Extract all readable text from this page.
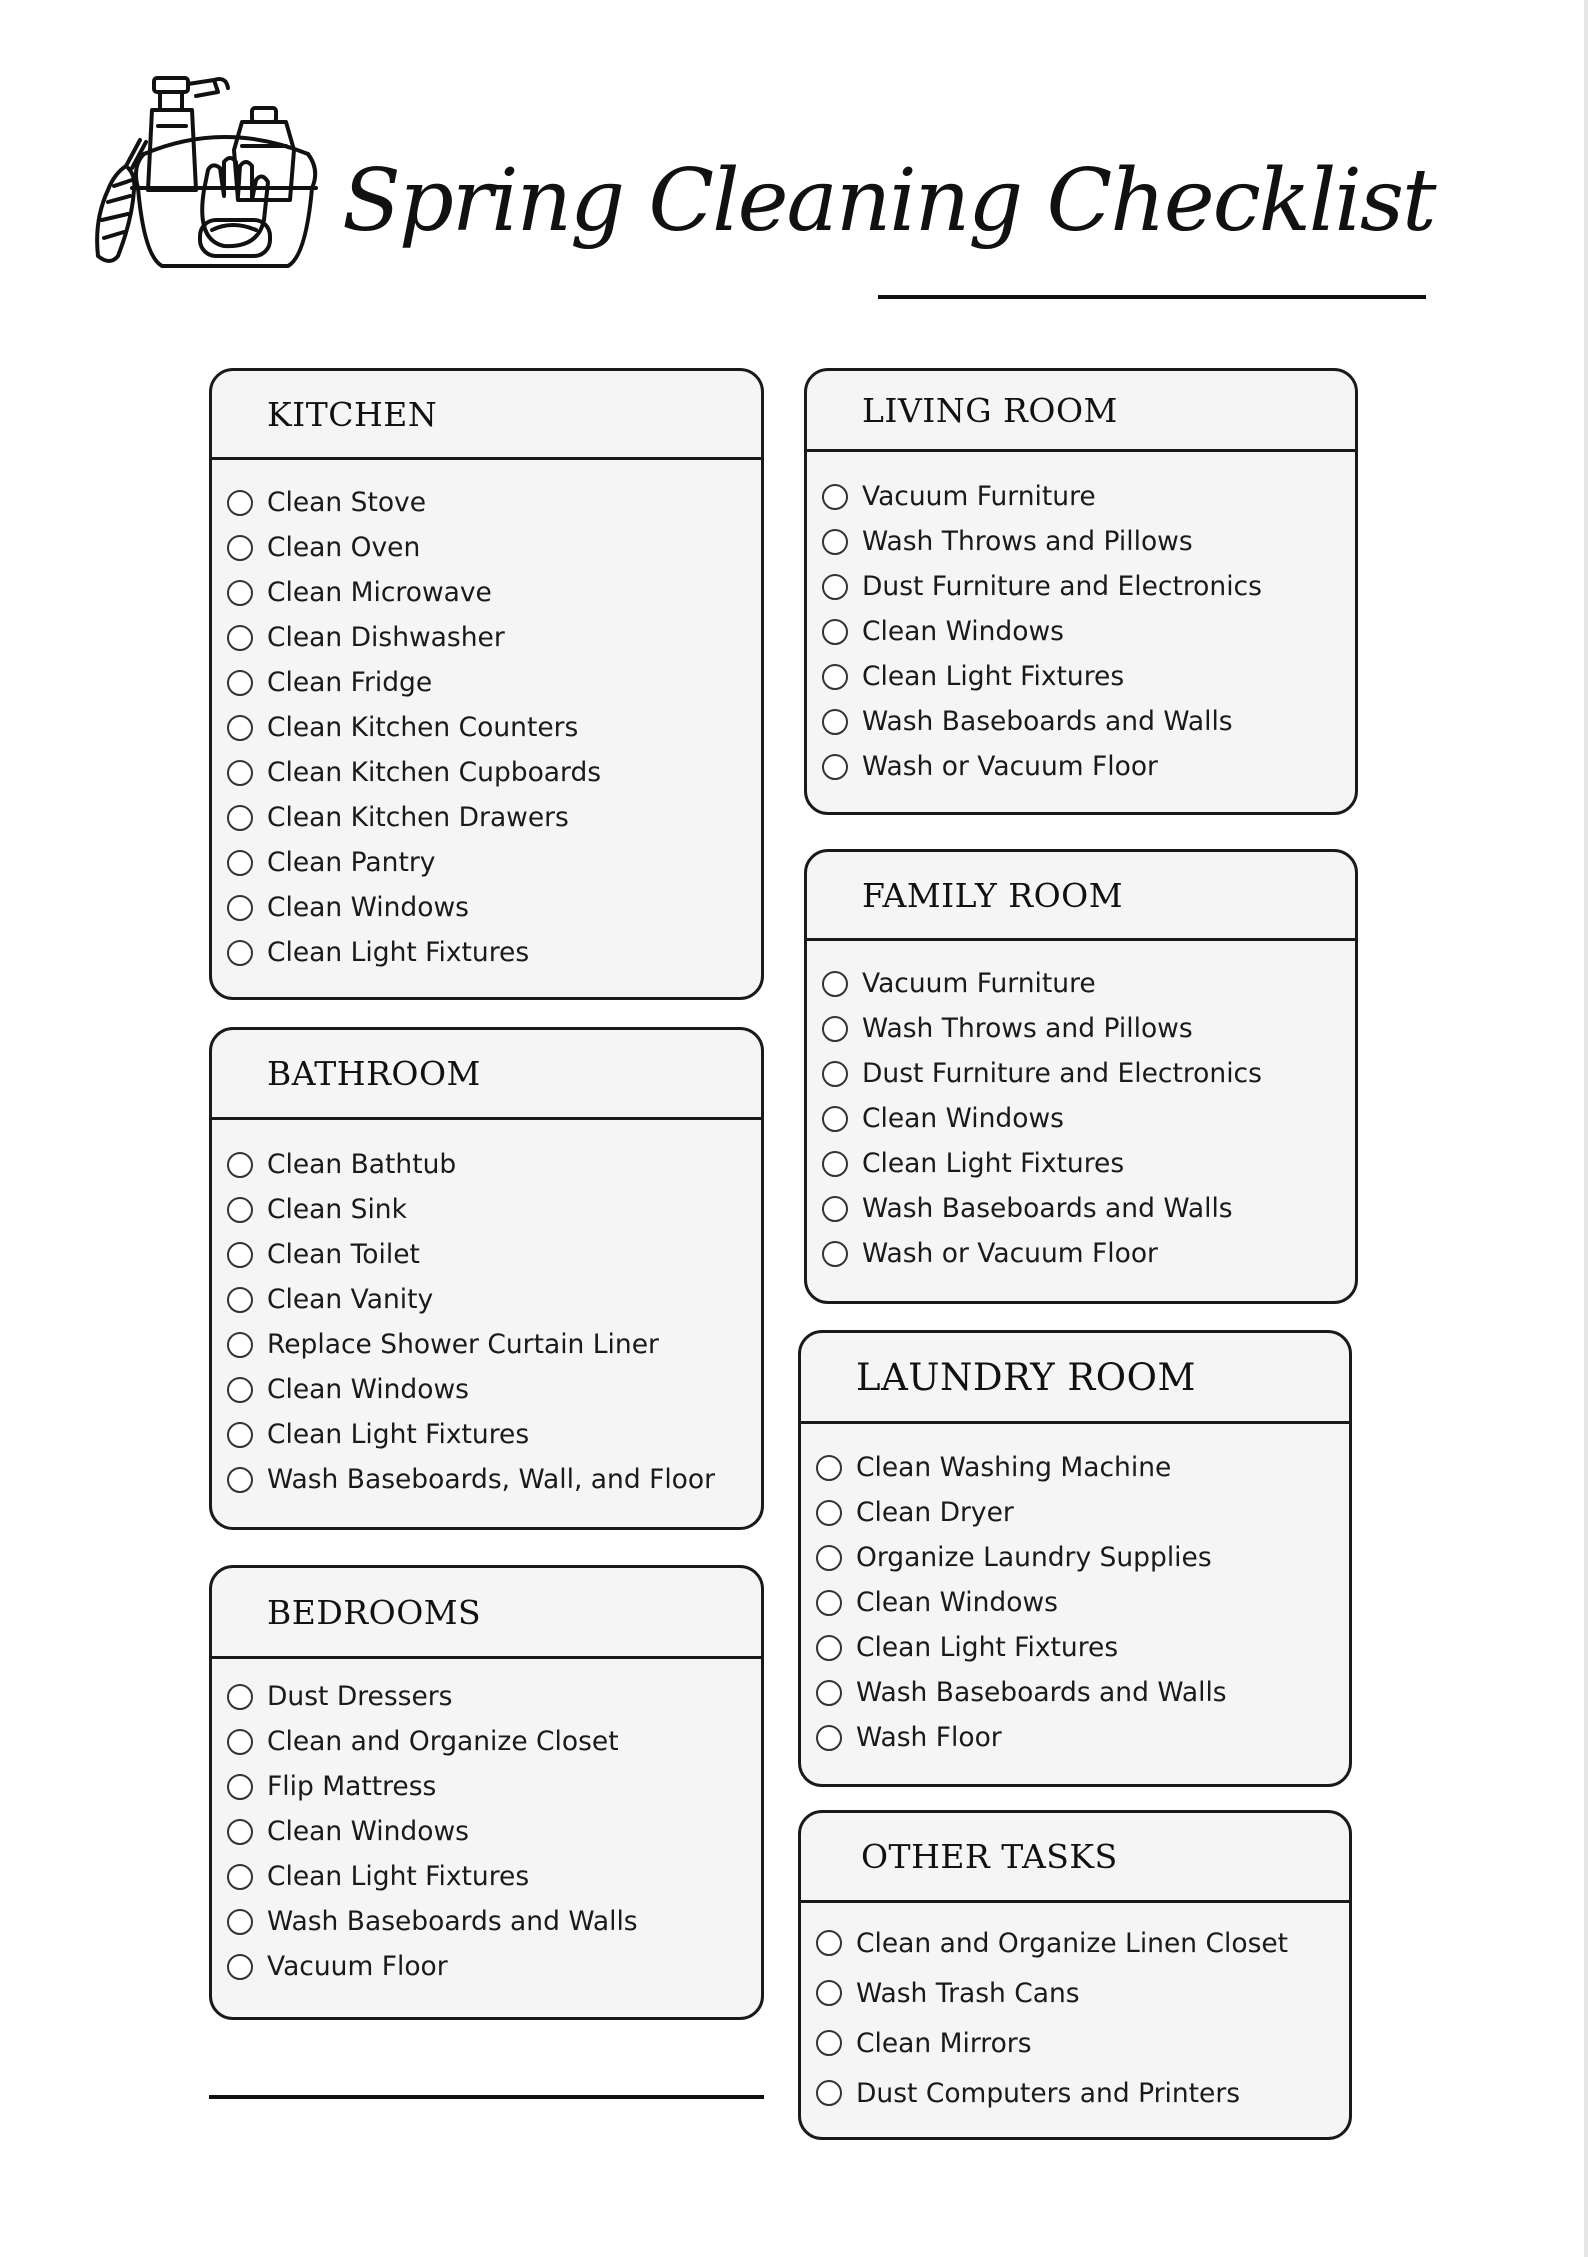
Spring Cleaning Checklist
KITCHEN
Clean Stove
Clean Oven
Clean Microwave
Clean Dishwasher
Clean Fridge
Clean Kitchen Counters
Clean Kitchen Cupboards
Clean Kitchen Drawers
Clean Pantry
Clean Windows
Clean Light Fixtures
BATHROOM
Clean Bathtub
Clean Sink
Clean Toilet
Clean Vanity
Replace Shower Curtain Liner
Clean Windows
Clean Light Fixtures
Wash Baseboards, Wall, and Floor
BEDROOMS
Dust Dressers
Clean and Organize Closet
Flip Mattress
Clean Windows
Clean Light Fixtures
Wash Baseboards and Walls
Vacuum Floor
LIVING ROOM
Vacuum Furniture
Wash Throws and Pillows
Dust Furniture and Electronics
Clean Windows
Clean Light Fixtures
Wash Baseboards and Walls
Wash or Vacuum Floor
FAMILY ROOM
Vacuum Furniture
Wash Throws and Pillows
Dust Furniture and Electronics
Clean Windows
Clean Light Fixtures
Wash Baseboards and Walls
Wash or Vacuum Floor
LAUNDRY ROOM
Clean Washing Machine
Clean Dryer
Organize Laundry Supplies
Clean Windows
Clean Light Fixtures
Wash Baseboards and Walls
Wash Floor
OTHER TASKS
Clean and Organize Linen Closet
Wash Trash Cans
Clean Mirrors
Dust Computers and Printers
